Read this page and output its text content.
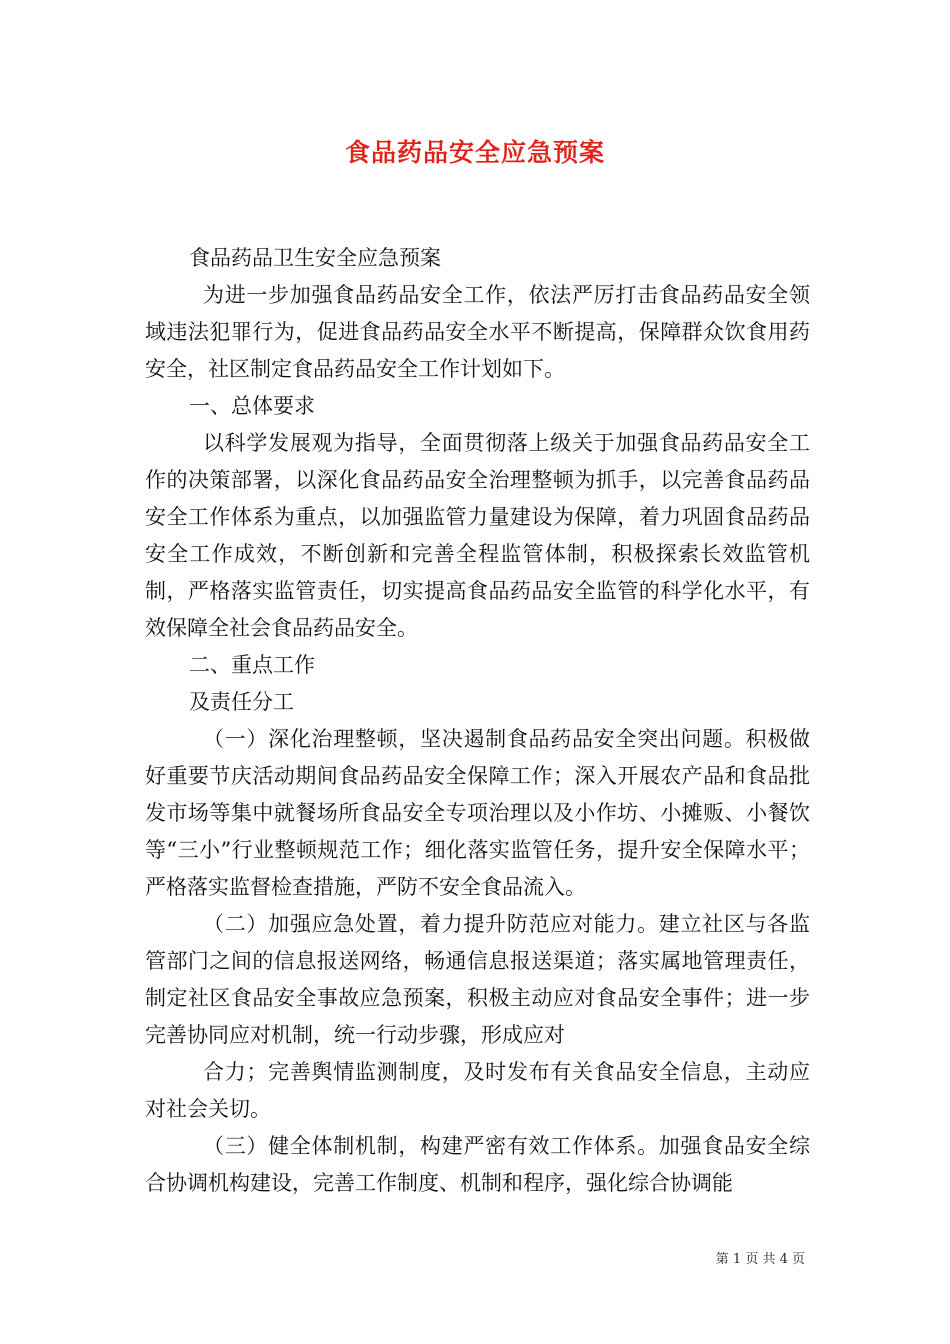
食品药品安全应急预案

食品药品卫生安全应急预案

为进一步加强食品药品安全工作，依法严厉打击食品药品安全领域违法犯罪行为，促进食品药品安全水平不断提高，保障群众饮食用药安全，社区制定食品药品安全工作计划如下。

一、总体要求

以科学发展观为指导，全面贯彻落上级关于加强食品药品安全工作的决策部署，以深化食品药品安全治理整顿为抓手，以完善食品药品安全工作体系为重点，以加强监管力量建设为保障，着力巩固食品药品安全工作成效，不断创新和完善全程监管体制，积极探索长效监管机制，严格落实监管责任，切实提高食品药品安全监管的科学化水平，有效保障全社会食品药品安全。

二、重点工作

及责任分工

（一）深化治理整顿，坚决遏制食品药品安全突出问题。积极做好重要节庆活动期间食品药品安全保障工作；深入开展农产品和食品批发市场等集中就餐场所食品安全专项治理以及小作坊、小摊贩、小餐饮等“三小”行业整顿规范工作；细化落实监管任务，提升安全保障水平；严格落实监督检查措施，严防不安全食品流入。

（二）加强应急处置，着力提升防范应对能力。建立社区与各监管部门之间的信息报送网络，畅通信息报送渠道；落实属地管理责任，制定社区食品安全事故应急预案，积极主动应对食品安全事件；进一步完善协同应对机制，统一行动步骤，形成应对

合力；完善舆情监测制度，及时发布有关食品安全信息，主动应对社会关切。

（三）健全体制机制，构建严密有效工作体系。加强食品安全综合协调机构建设，完善工作制度、机制和程序，强化综合协调能

第 1 页 共 4 页
